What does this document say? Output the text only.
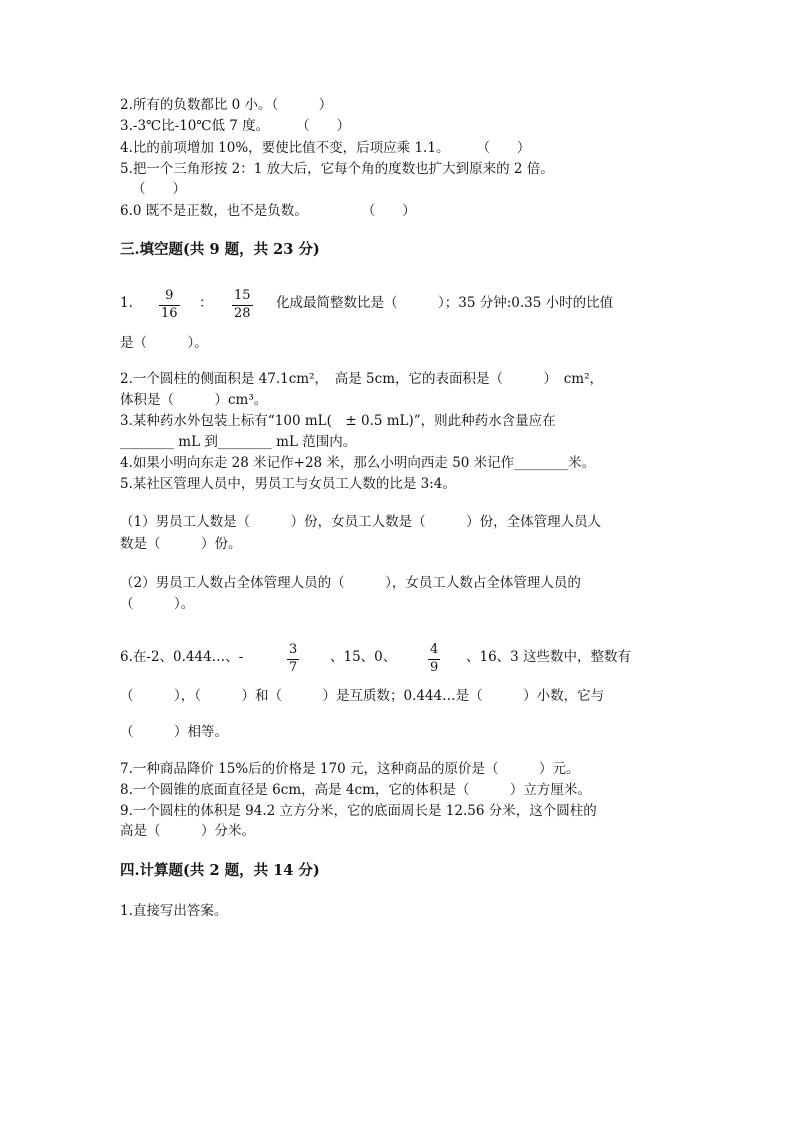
2.所有的负数都比 0 小。（　　　）
3.-3℃比-10℃低 7 度。　　　（　　）
4.比的前项增加 10%，要使比值不变，后项应乘 1.1。　　　（　　）
5.把一个三角形按 2：1 放大后，它每个角的度数也扩大到原来的 2 倍。
（　　）
6.0 既不是正数，也不是负数。　　　　　（　　）
三.填空题(共 9 题，共 23 分)
1. 9
16
： 15
28
化成最简整数比是（　　　）；35 分钟:0.35 小时的比值
是（　　　）。
2.一个圆柱的侧面积是 47.1cm²，　高是 5cm，它的表面积是（　　　）　cm²，
体积是（　　　）cm³。
3.某种药水外包装上标有“100 mL(　± 0.5 mL)”，则此种药水含量应在
________ mL 到________ mL 范围内。
4.如果小明向东走 28 米记作+28 米，那么小明向西走 50 米记作________米。
5.某社区管理人员中，男员工与女员工人数的比是 3:4。
（1）男员工人数是（　　　）份，女员工人数是（　　　）份，全体管理人员人
数是（　　　）份。
（2）男员工人数占全体管理人员的（　　　），女员工人数占全体管理人员的
（　　　）。
6.在-2、0.444…、-	3
7
、15、0、	4
9
、16、3 这些数中，整数有
（　　　），（　　　）和（　　　）是互质数；0.444…是（　　　）小数，它与
（　　　）相等。
7.一种商品降价 15%后的价格是 170 元，这种商品的原价是（　　　）元。
8.一个圆锥的底面直径是 6cm，高是 4cm，它的体积是（　　　）立方厘米。
9.一个圆柱的体积是 94.2 立方分米，它的底面周长是 12.56 分米，这个圆柱的
高是（　　　）分米。
四.计算题(共 2 题，共 14 分)
1.直接写出答案。
